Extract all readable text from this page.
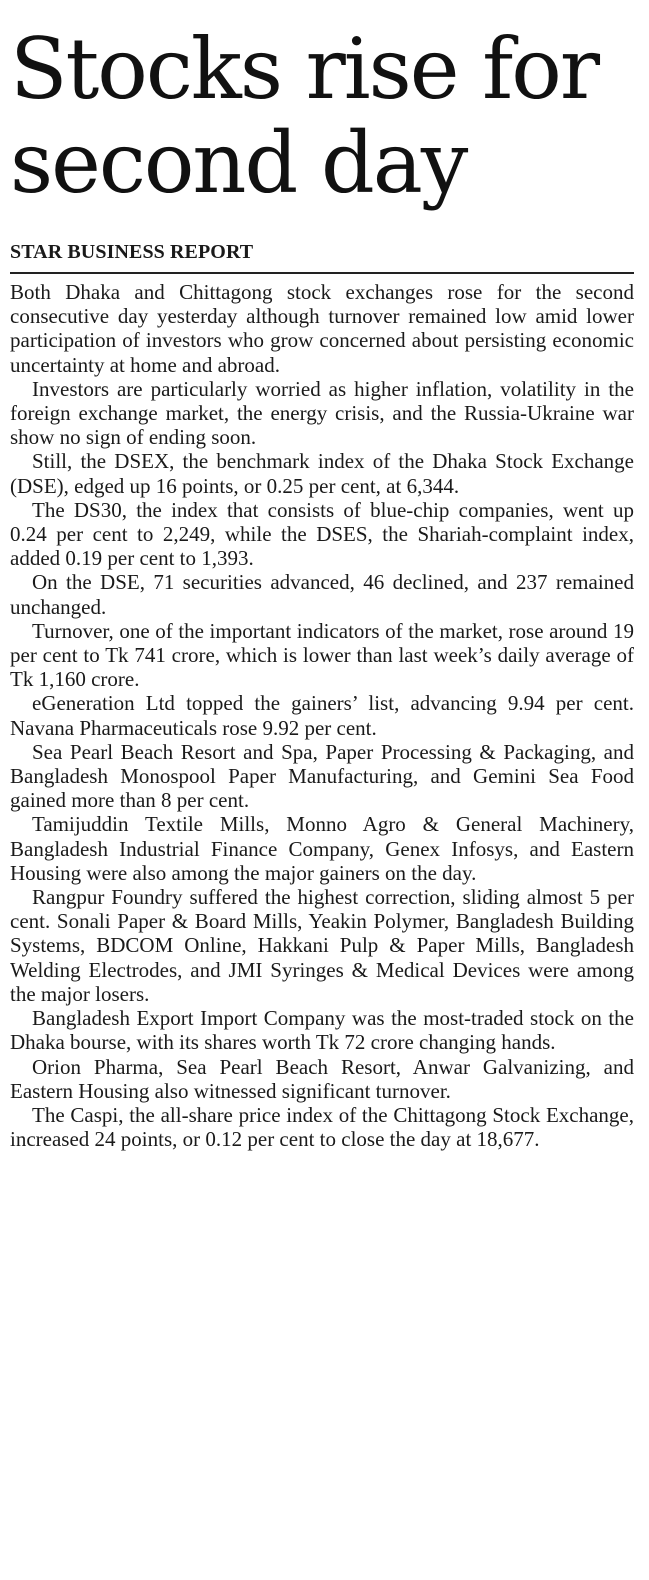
Stocks rise for second day
STAR BUSINESS REPORT

Both Dhaka and Chittagong stock exchanges rose for the second consecutive day yesterday although turnover remained low amid lower participation of investors who grow concerned about persisting economic uncertainty at home and abroad.

Investors are particularly worried as higher inflation, volatility in the foreign exchange market, the energy crisis, and the Russia-Ukraine war show no sign of ending soon.

Still, the DSEX, the benchmark index of the Dhaka Stock Exchange (DSE), edged up 16 points, or 0.25 per cent, at 6,344.

The DS30, the index that consists of blue-chip companies, went up 0.24 per cent to 2,249, while the DSES, the Shariah-complaint index, added 0.19 per cent to 1,393.

On the DSE, 71 securities advanced, 46 declined, and 237 remained unchanged.

Turnover, one of the important indicators of the market, rose around 19 per cent to Tk 741 crore, which is lower than last week’s daily average of Tk 1,160 crore.

eGeneration Ltd topped the gainers’ list, advancing 9.94 per cent. Navana Pharmaceuticals rose 9.92 per cent.

Sea Pearl Beach Resort and Spa, Paper Processing & Packaging, and Bangladesh Monospool Paper Manufacturing, and Gemini Sea Food gained more than 8 per cent.

Tamijuddin Textile Mills, Monno Agro & General Machinery, Bangladesh Industrial Finance Company, Genex Infosys, and Eastern Housing were also among the major gainers on the day.

Rangpur Foundry suffered the highest correction, sliding almost 5 per cent. Sonali Paper & Board Mills, Yeakin Polymer, Bangladesh Building Systems, BDCOM Online, Hakkani Pulp & Paper Mills, Bangladesh Welding Electrodes, and JMI Syringes & Medical Devices were among the major losers.

Bangladesh Export Import Company was the most-traded stock on the Dhaka bourse, with its shares worth Tk 72 crore changing hands.

Orion Pharma, Sea Pearl Beach Resort, Anwar Galvanizing, and Eastern Housing also witnessed significant turnover.

The Caspi, the all-share price index of the Chittagong Stock Exchange, increased 24 points, or 0.12 per cent to close the day at 18,677.
